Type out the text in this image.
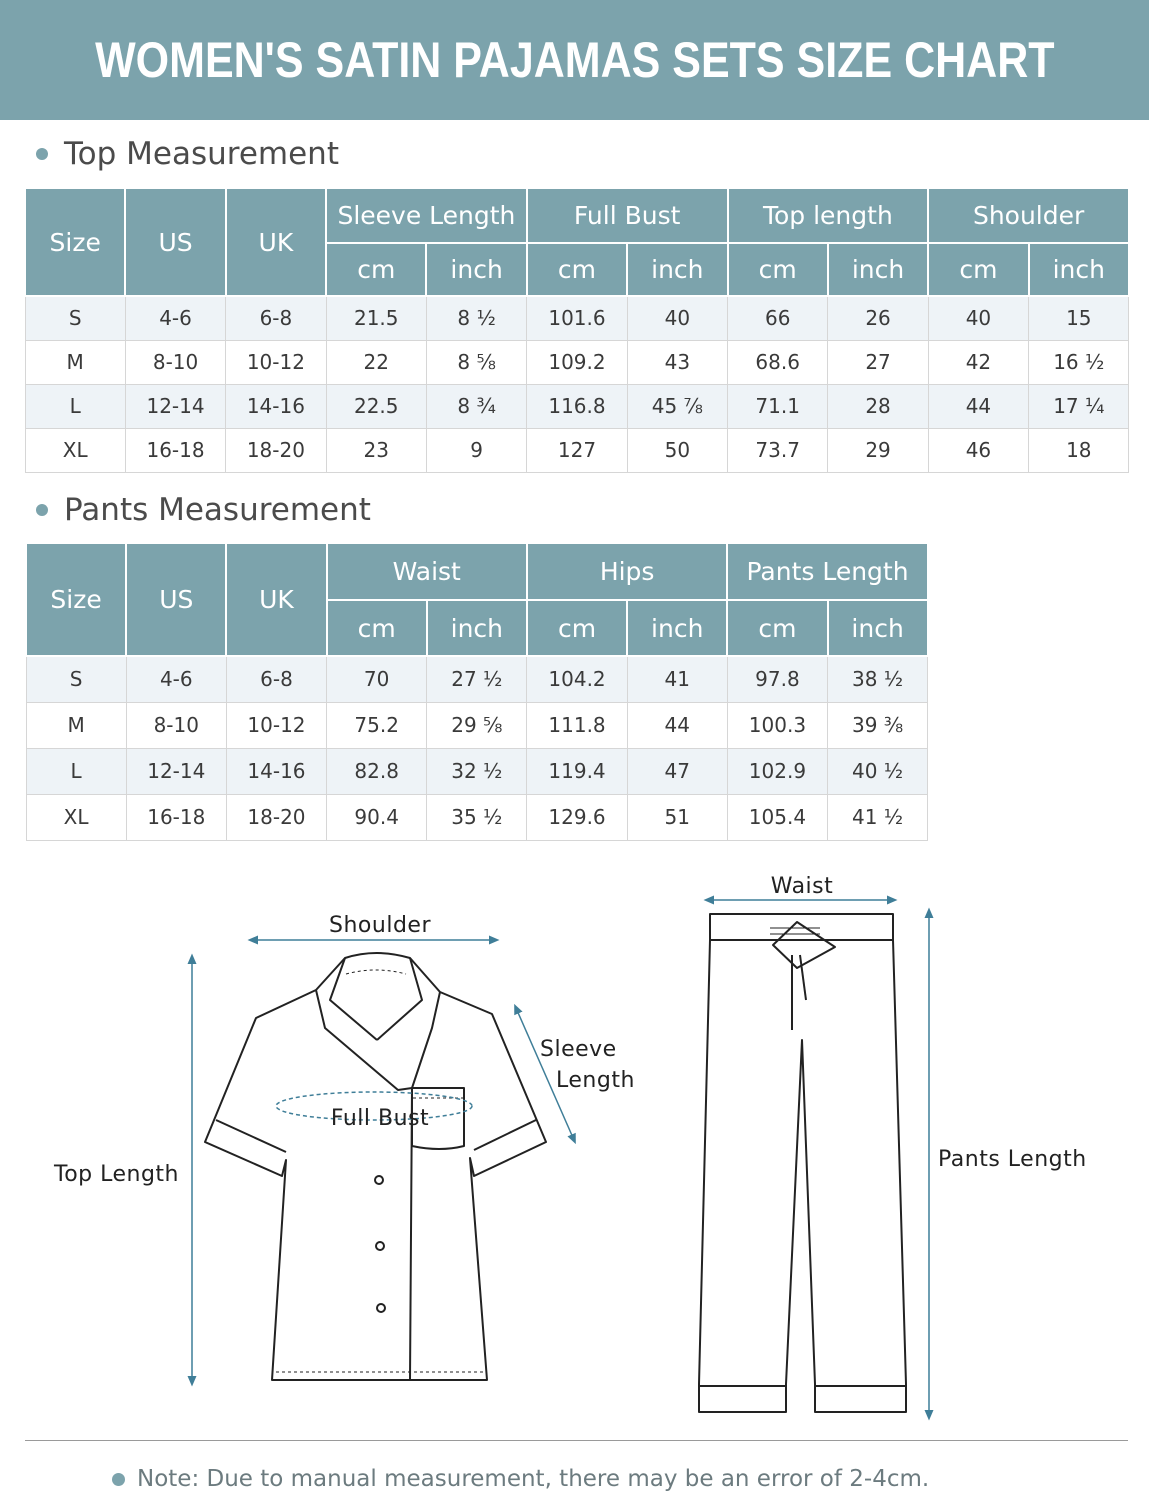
WOMEN'S SATIN PAJAMAS SETS SIZE CHART
Top Measurement
Size	US	UK	Sleeve Length		Full Bust		Top length		Shoulder	
			cm	inch	cm	inch	cm	inch	cm	inch
S	4-6	6-8	21.5	8 ½	101.6	40	66	26	40	15
M	8-10	10-12	22	8 ⅝	109.2	43	68.6	27	42	16 ½
L	12-14	14-16	22.5	8 ¾	116.8	45 ⅞	71.1	28	44	17 ¼
XL	16-18	18-20	23	9	127	50	73.7	29	46	18
Pants Measurement
Size	US	UK	Waist		Hips		Pants Length	
			cm	inch	cm	inch	cm	inch
S	4-6	6-8	70	27 ½	104.2	41	97.8	38 ½
M	8-10	10-12	75.2	29 ⅝	111.8	44	100.3	39 ⅜
L	12-14	14-16	82.8	32 ½	119.4	47	102.9	40 ½
XL	16-18	18-20	90.4	35 ½	129.6	51	105.4	41 ½
Shoulder
Sleeve
Length
Full Bust
Top Length
Waist
Pants Length
Note: Due to manual measurement, there may be an error of 2-4cm.
